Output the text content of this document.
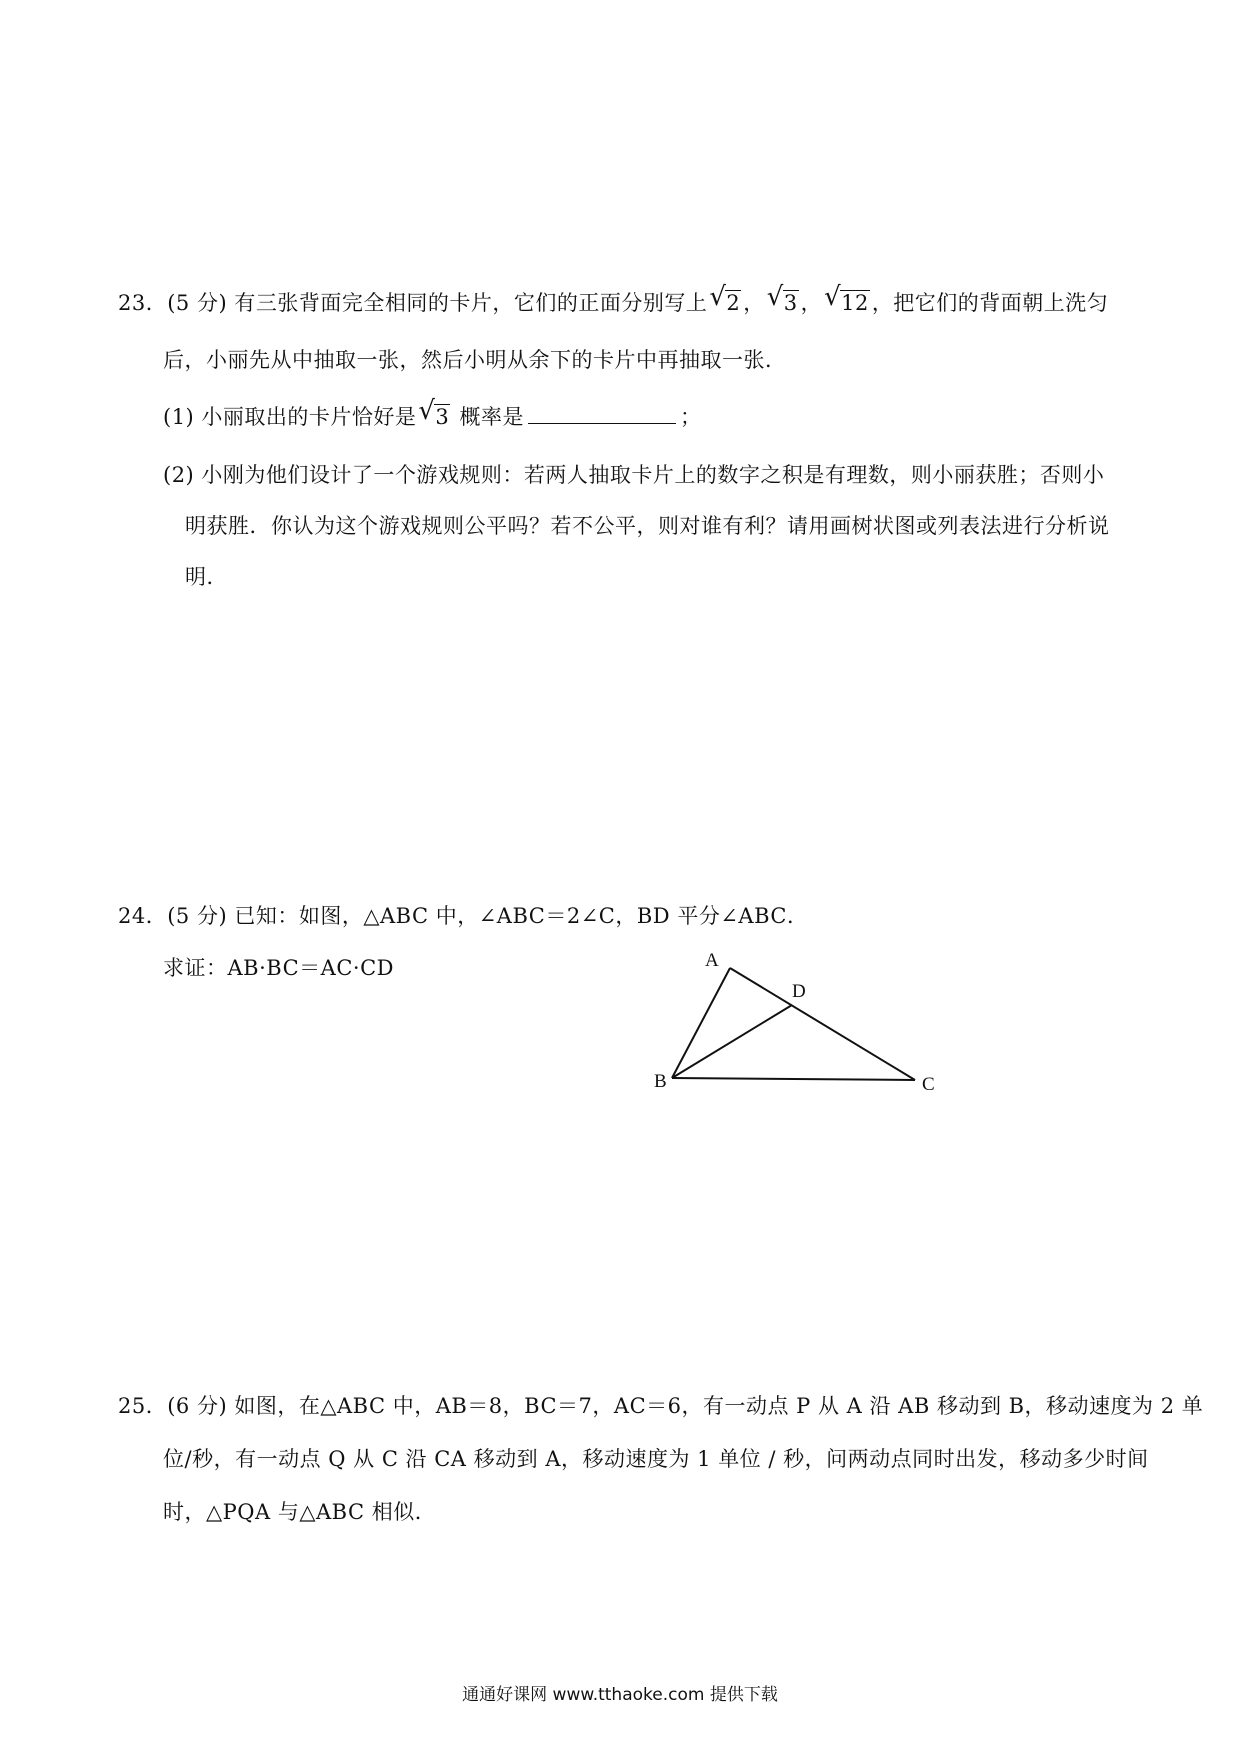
23．(5 分) 有三张背面完全相同的卡片，它们的正面分别写上 √ 2 ， √ 3 ， √ 12 ，把它们的背面朝上洗匀
后，小丽先从中抽取一张，然后小明从余下的卡片中再抽取一张．
(1) 小丽取出的卡片恰好是 √ 3 概率是	；
(2) 小刚为他们设计了一个游戏规则：若两人抽取卡片上的数字之积是有理数，则小丽获胜；否则小
明获胜．你认为这个游戏规则公平吗？若不公平，则对谁有利？请用画树状图或列表法进行分析说
明．
24．(5 分) 已知：如图，△ABC 中，∠ABC＝2∠C，BD 平分∠ABC．
求证：AB·BC＝AC·CD	A
D
B	C
25．(6 分) 如图，在△ABC 中，AB＝8，BC＝7，AC＝6，有一动点 P 从 A 沿 AB 移动到 B，移动速度为 2 单
位/秒，有一动点 Q 从 C 沿 CA 移动到 A，移动速度为 1 单位 / 秒，问两动点同时出发，移动多少时间
时，△PQA 与△ABC 相似．
通通好课网 www.tthaoke.com 提供下载
